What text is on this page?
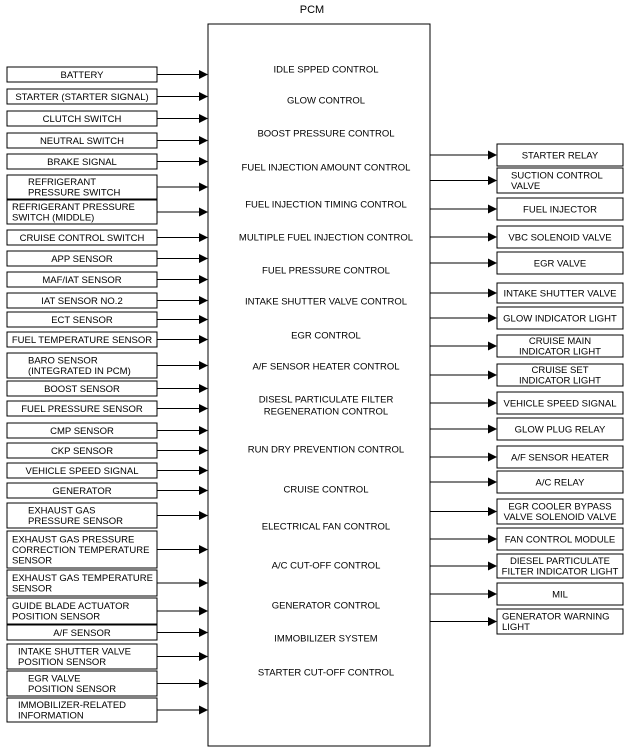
PCM
BATTERY
STARTER (STARTER SIGNAL)
CLUTCH SWITCH
NEUTRAL SWITCH
BRAKE SIGNAL
REFRIGERANT
PRESSURE SWITCH
REFRIGERANT PRESSURE
SWITCH (MIDDLE)
CRUISE CONTROL SWITCH
APP SENSOR
MAF/IAT SENSOR
IAT SENSOR NO.2
ECT SENSOR
FUEL TEMPERATURE SENSOR
BARO SENSOR
(INTEGRATED IN PCM)
BOOST SENSOR
FUEL PRESSURE SENSOR
CMP SENSOR
CKP SENSOR
VEHICLE SPEED SIGNAL
GENERATOR
EXHAUST GAS
PRESSURE SENSOR
EXHAUST GAS PRESSURE
CORRECTION TEMPERATURE
SENSOR
EXHAUST GAS TEMPERATURE
SENSOR
GUIDE BLADE ACTUATOR
POSITION SENSOR
A/F SENSOR
INTAKE SHUTTER VALVE
POSITION SENSOR
EGR VALVE
POSITION SENSOR
IMMOBILIZER-RELATED
INFORMATION
IDLE SPPED CONTROL
GLOW CONTROL
BOOST PRESSURE CONTROL
FUEL INJECTION AMOUNT CONTROL
FUEL INJECTION TIMING CONTROL
MULTIPLE FUEL INJECTION CONTROL
FUEL PRESSURE CONTROL
INTAKE SHUTTER VALVE CONTROL
EGR CONTROL
A/F SENSOR HEATER CONTROL
DISESL PARTICULATE FILTER
REGENERATION CONTROL
RUN DRY PREVENTION CONTROL
CRUISE CONTROL
ELECTRICAL FAN CONTROL
A/C CUT-OFF CONTROL
GENERATOR CONTROL
IMMOBILIZER SYSTEM
STARTER CUT-OFF CONTROL
STARTER RELAY
SUCTION CONTROL
VALVE
FUEL INJECTOR
VBC SOLENOID VALVE
EGR VALVE
INTAKE SHUTTER VALVE
GLOW INDICATOR LIGHT
CRUISE MAIN
INDICATOR LIGHT
CRUISE SET
INDICATOR LIGHT
VEHICLE SPEED SIGNAL
GLOW PLUG RELAY
A/F SENSOR HEATER
A/C RELAY
EGR COOLER BYPASS
VALVE SOLENOID VALVE
FAN CONTROL MODULE
DIESEL PARTICULATE
FILTER INDICATOR LIGHT
MIL
GENERATOR WARNING
LIGHT
